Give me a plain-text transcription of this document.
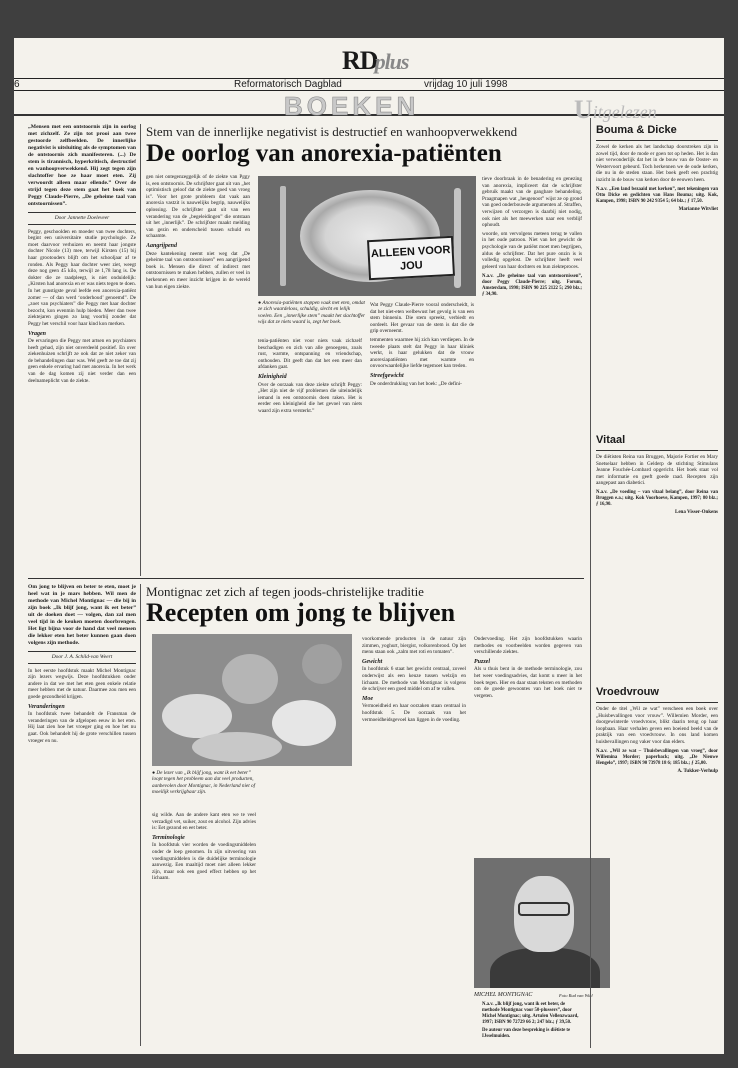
RDplus
6	Reformatorisch Dagblad	vrijdag 10 juli 1998
BOEKEN	Uitgelezen
Stem van de innerlijke negativist is destructief en wanhoopverwekkend
De oorlog van anorexia-patiënten

„Mensen met een ontstoornis zijn in oorlog met zichzelf. Ze zijn tot prooi aan twee gestoorde zelfbeelden. De innerlijke negativist is uitsluiting als de symptomen van de ontstoornis zich manifesteren. (...) De stem is tirannisch, hyperkritisch, destructief en wanhoopverwekkend. Hij zegt tegen zijn slachtoffer hoe ze haar moet eten. Zij verwoordt alleen maar ellende.” Over de strijd tegen deze stem gaat het boek van Peggy Claude-Pierre, „De geheime taal van ontstoornissen”.

Door Jannette Doeleveer

Peggy, geschoolden en moeder van twee dochters, begint een universitaire studie psychologie. Ze moet daarvoor verhuizen en neemt haar jongste dochter Nicole (13) mee, terwijl Kirsten (15) bij haar grootouders blijft om het schooljaar af te ronden. Als Peggy haar dochter weer ziet, weegt deze nog geen 45 kilo, terwijl ze 1,78 lang is. De dokter die ze raadpleegt, is niet onduidelijk: „Kirsten had anorexia en er was niets tegen te doen. In het gunstigste geval leefde een anorexia-patiënt zomer — of dan werd ‘onderhoud’ genoemd”. De „zoet van psychiaters” die Peggy met haar dochter bezocht, kon evenmin hulp bieden. Meer dan twee ziektejaren gingen zo lang voorbij zonder dat Peggy het verschil voor haar kind kon merken.

Vragen

De ervaringen die Peggy met artsen en psychiaters heeft gehad, zijn niet onverdeeld positief. En over ziekenhuizen schrijft ze ook dat ze niet zeker van de behandelingen daar was. Wel geeft ze toe dat zij geen enkele ervaring had met anorexia. In het werk van de dag komen zij niet verder dan een deelnameplicht van de ziekte.

gen niet ontegenzeggelijk of de ziekte van Pggy is, een ontstoornis. De schrijfster gaat uit van „het optimistisch geloof dat de ziekte goed van vroeg is”. Voor het grote probleem dat vaak aan anorexia vastzit is nauwelijks begrip, nauwelijks oplossing. De schrijfster gaat uit van een verandering van de „begeleidingen” die ontstaan uit het „innerlijk”. De schrijfster maakt melding van gezin en onderscheid tussen schuld en schaamte.

Aangrijpend

Deze kantekening neemt niet weg dat „De geheime taal van ontstoornissen” een aangrijpend boek is. Mensen die direct of indirect met ontstoornissen te maken hebben, zullen er veel in herkennen en meer inzicht krijgen in de wereld van hun eigen ziekte.

ALLEEN VOOR JOU
● Anorexia-patiënten stoppen vaak met eten, omdat ze zich waardeloos, schuldig, slecht en lelijk voelen. Een „innerlijke stem” maakt het slachtoffer wijs dat ze niets waard is, zegt het boek.

tenia-patiënten niet voor niets vaak zichzelf beschadigen en zich van alle genoegens, zoals rust, warmte, ontspanning en vriendschap, onthouden. Dit geeft dan dat het een meer dan afdanken gaat.

Kleinigheid

Over de oorzaak van deze ziekte schrijft Peggy: „Het zijn niet de vijf problemen die uiteindelijk iemand in een ontstoornis doen raken. Het is eerder een kleinigheid die het gevoel van niets waard zijn extra versterkt.”

Wat Peggy Claude-Pierre vooral onderscheidt, is dat het niet-eten welbewust het gevolg is van een stem binnenin. Die stem spreekt, verbiedt en oordeelt. Het gevaar van de stem is dat die de grip overneemt.

temmenten waarmee hij zich kan verdiepen. In de tweede plaats stelt dat Peggy in haar kliniek werkt, is haar gelukken dat de vrouw anorexiapatiënten met warmte en onvoorwaardelijke liefde tegemoet kan treden.

Streefgewicht

De onderdrukking van het boek: „De defini-

tieve doorbraak in de benadering en genezing van anorexia, impliceert dat de schrijfster gebruik maakt van de gangbare behandeling. Praagmapen wat „heugenoot” wijst ze op grond van goed onderbouwde argumenten af. Straffen, verwijzen of verzorgen is daarbij niet nodig, ook niet als het meewerken naar een verblijf ophoudt.

woorde, om vervolgens meteen terug te vallen in het oude patroon. Niet van het gewicht de psychologie van de patiënt moet men begrijpen, aldus de schrijfster. Dat het pure onzin is is volledig opgelost. De schrijfster heeft veel geleerd van haar dochters en hun ziekteproces.

N.a.v. „De geheime taal van ontstoornissen”, door Peggy Claude-Pierre; uitg. Forum, Amsterdam, 1998; ISBN 90 225 2122 5; 290 blz.; ƒ 34,90.
Montignac zet zich af tegen joods-christelijke traditie
Recepten om jong te blijven

Om jong te blijven en beter te eten, moet je heel wat in je mars hebben. Wil men de methode van Michel Montignac — die bij in zijn boek „Ik blijf jong, want ik eet beter” uit de doeken doet — volgen, dan zal men veel tijd in de keuken moeten doorbrengen. Het ligt bijna voor de hand dat veel mensen die lekker eten het beter kunnen gaan doen volgens zijn methode.

Door J. A. Schild-van Weert

In het eerste hoofdstuk maakt Michel Montignac zijn lezers wegwijs. Deze hoofdstukken onder andere in dat we met het eten geen enkele relatie meer hebben met de natuur. Daarmee zou men een goede gezondheid krijgen.

Veranderingen

In hoofdstuk twee behandelt de Fransman de veranderingen van de afgelopen eeuw in het eten. Hij laat zien hoe het vroeger ging en hoe het nu gaat. Ook behandelt hij de grote verschillen tussen vroeger en nu.

● De lezer van „Ik blijf jong, want ik eet beter” loopt tegen het probleem aan dat veel producten, aanbevolen door Montignac, in Nederland niet of moeilijk verkrijgbaar zijn.

sig wilde. Aan de andere kant eten we te veel verzadigd vet, suiker, zout en alcohol. Zijn advies is: Eet gezond en eet beter.

Terminologie

In hoofdstuk vier worden de voedingsmiddelen onder de loep genomen. In zijn uitvoering van voedingsmiddelen is die duidelijke terminologie aanwezig. Een maaltijd moet niet alleen lekker zijn, maar ook een goed effect hebben op het lichaam.

voorkomende producten in de natuur zijn zimmen, yoghurt, biergist, volkorenbrood. Op het menu staan ook „zalm met roti en tomaten”.

Gewicht

In hoofdstuk 6 staat het gewicht centraal, zoveel onderwijst als een keuze tussen welzijn en lichaam. De methode van Montignac is volgens de schrijver een goed middel om af te vallen.

Moe

Vermoeidheid en haar oorzaken staan centraal in hoofdstuk 5. De oorzaak van het vermoeidheidsgevoel kan liggen in de voeding.

Ondervoeding. Het zijn hoofdstukken waarin methodes en voorbeelden worden gegeven van verschillende ziektes.

Puzzel

Als u thuis bent in de methode terminologie, zou het weer voedingsadvies, dat komt u meer in het boek tegen. Hier en daar staan teksten en methoden om de goede gewoontes van het boek niet te vergeten.

MICHEL MONTIGNAC	Foto Rud van Wiel
N.a.v. „Ik blijf jong, want ik eet beter, de methode Montignac voor 50-plussers”, door Michel Montignac; uitg. Artulen Vellenzwaard, 1997; ISBN 90 72729 66 2; 247 blz.; ƒ 39,50.
De auteur van deze bespreking is diëtiste te IJsselmuiden.
Bouma & Dicke

Zowel de kerken als het landschap doorstreken zijn in zowel tijd, door de mode er goen tot op heden. Het is dan niet verwonderlijk dat het in de bouw van de Ooster- en Westervoort gebeurd. Toch herkennen we de oude kerken, die nu in de steden staan. Het boek geeft een prachtig inzicht in de bouw van kerken door de eeuwen heen.

N.a.v. „Een land bezaaid met kerken”, met tekeningen van Otto Dicke en gedichten van Hans Bouma; uitg. Kok, Kampen, 1998; ISBN 90 242 9354 5; 64 blz.; ƒ 17,50.

Marianne Witvliet

Vitaal

De diëtisten Reina van Bruggen, Majorie Fortier en Mary Snetselaar hebben in Gelderp de stichting Stimulans Jeanne Fouchée-Lombard opgericht. Het boek staat vol met informatie en geeft goede raad. Recepten zijn aangepast aan diabetici.

N.a.v. „De voeding – van vitaal belang”, door Reina van Bruggen e.a.; uitg. Kok Voorhoeve, Kampen, 1997; 80 blz.; ƒ 16,90.

Lena Visser-Onkens

Vroedvrouw

Onder de titel „Wil ze wat” verscheen een boek over „Huisbevallingen voor vrouw”. Willemien Morder, een doorgewinterde vroedvrouw, blikt daarin terug op haar loopbaan. Haar verhalen geven een boeiend beeld van de praktijk van een vroedvrouw. In ons land komen huisbevallingen nog vaker voor dan elders.

N.a.v. „Wil ze wat – Thuisbevallingen van vroeg”, door Willemina Morder; paperback; uitg. „De Nieuwe Hengelo”, 1997; ISBN 90 73978 18 6; 185 blz.; ƒ 25,00.

A. Tukker-Verhulp
